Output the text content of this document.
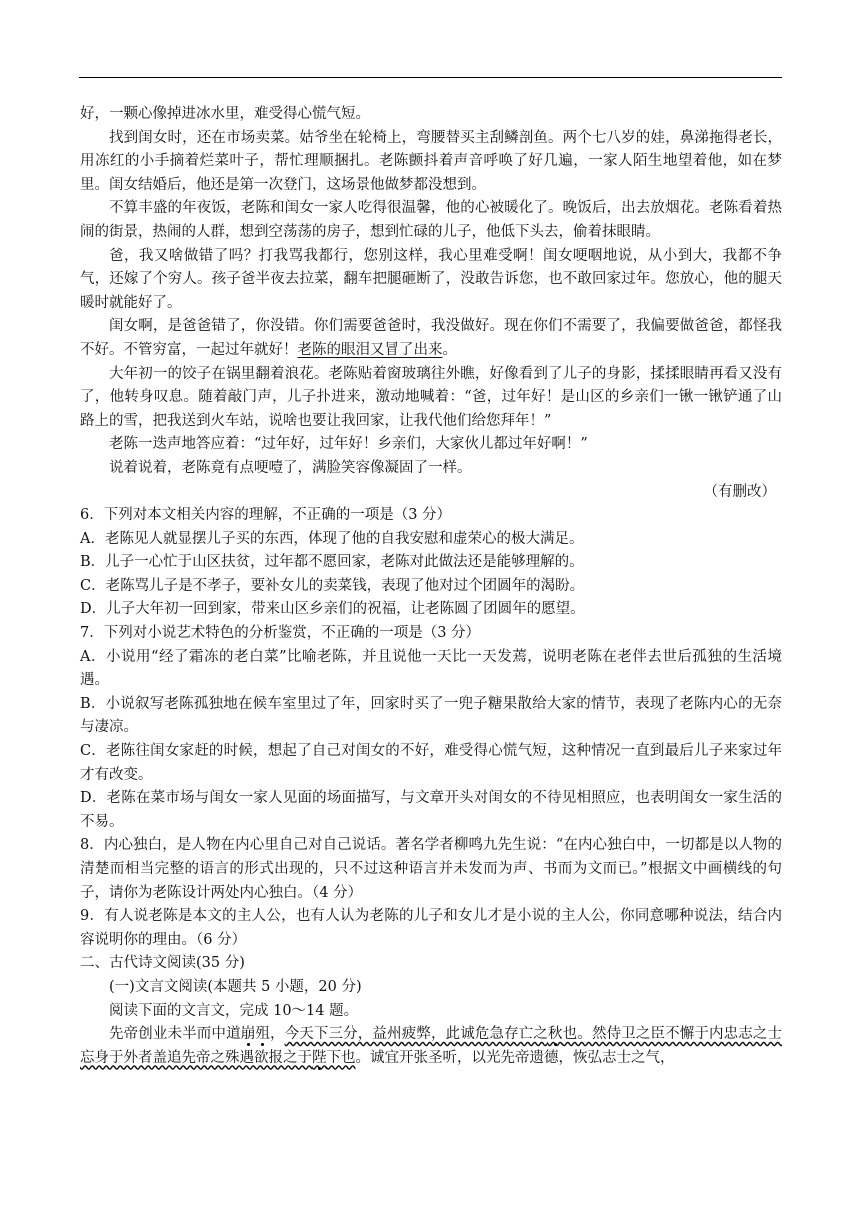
好，一颗心像掉进冰水里，难受得心慌气短。

找到闺女时，还在市场卖菜。姑爷坐在轮椅上，弯腰替买主刮鳞剖鱼。两个七八岁的娃，鼻涕拖得老长，用冻红的小手摘着烂菜叶子，帮忙理顺捆扎。老陈颤抖着声音呼唤了好几遍，一家人陌生地望着他，如在梦里。闺女结婚后，他还是第一次登门，这场景他做梦都没想到。

不算丰盛的年夜饭，老陈和闺女一家人吃得很温馨，他的心被暖化了。晚饭后，出去放烟花。老陈看着热闹的街景，热闹的人群，想到空荡荡的房子，想到忙碌的儿子，他低下头去，偷着抹眼睛。

爸，我又啥做错了吗？打我骂我都行，您别这样，我心里难受啊！闺女哽咽地说，从小到大，我都不争气，还嫁了个穷人。孩子爸半夜去拉菜，翻车把腿砸断了，没敢告诉您，也不敢回家过年。您放心，他的腿天暖时就能好了。

闺女啊，是爸爸错了，你没错。你们需要爸爸时，我没做好。现在你们不需要了，我偏要做爸爸，都怪我不好。不管穷富，一起过年就好！老陈的眼泪又冒了出来。

大年初一的饺子在锅里翻着浪花。老陈贴着窗玻璃往外瞧，好像看到了儿子的身影，揉揉眼睛再看又没有了，他转身叹息。随着敲门声，儿子扑进来，激动地喊着：“爸，过年好！是山区的乡亲们一锹一锹铲通了山路上的雪，把我送到火车站，说啥也要让我回家，让我代他们给您拜年！”

老陈一迭声地答应着：“过年好，过年好！乡亲们，大家伙儿都过年好啊！”

说着说着，老陈竟有点哽噎了，满脸笑容像凝固了一样。

（有删改）

6．下列对本文相关内容的理解，不正确的一项是（3 分）

A．老陈见人就显摆儿子买的东西，体现了他的自我安慰和虚荣心的极大满足。

B．儿子一心忙于山区扶贫，过年都不愿回家，老陈对此做法还是能够理解的。

C．老陈骂儿子是不孝子，要补女儿的卖菜钱，表现了他对过个团圆年的渴盼。

D．儿子大年初一回到家，带来山区乡亲们的祝福，让老陈圆了团圆年的愿望。

7．下列对小说艺术特色的分析鉴赏，不正确的一项是（3 分）

A．小说用“经了霜冻的老白菜”比喻老陈，并且说他一天比一天发蔫，说明老陈在老伴去世后孤独的生活境遇。

B．小说叙写老陈孤独地在候车室里过了年，回家时买了一兜子糖果散给大家的情节，表现了老陈内心的无奈与凄凉。

C．老陈往闺女家赶的时候，想起了自己对闺女的不好，难受得心慌气短，这种情况一直到最后儿子来家过年才有改变。

D．老陈在菜市场与闺女一家人见面的场面描写，与文章开头对闺女的不待见相照应，也表明闺女一家生活的不易。

8．内心独白，是人物在内心里自己对自己说话。著名学者柳鸣九先生说：“在内心独白中，一切都是以人物的清楚而相当完整的语言的形式出现的，只不过这种语言并未发而为声、书而为文而已。”根据文中画横线的句子，请你为老陈设计两处内心独白。（4 分）

9．有人说老陈是本文的主人公，也有人认为老陈的儿子和女儿才是小说的主人公，你同意哪种说法，结合内容说明你的理由。（6 分）

二、古代诗文阅读(35 分)

(一)文言文阅读(本题共 5 小题，20 分)

阅读下面的文言文，完成 10～14 题。

先帝创业未半而中道崩殂，今天下三分，益州疲弊，此诚危急存亡之秋也。然侍卫之臣不懈于内忠志之士忘身于外者盖追先帝之殊遇欲报之于陛下也。诚宜开张圣听，以光先帝遗德，恢弘志士之气，
